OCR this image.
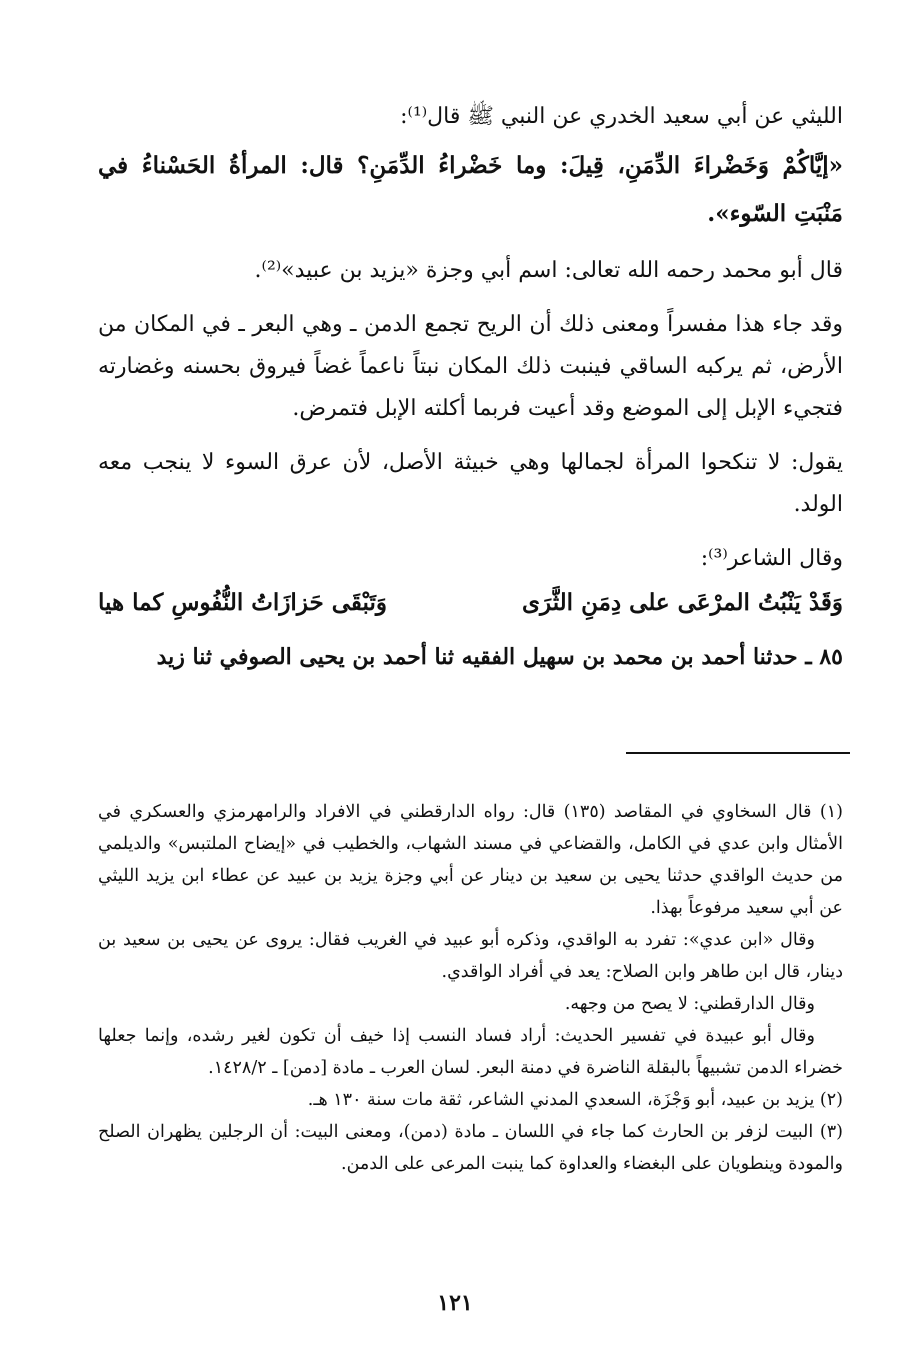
الليثي عن أبي سعيد الخدري عن النبي ﷺ قال⁽¹⁾:

«إيَّاكُمْ وَخَضْراءَ الدِّمَنِ، قِيلَ: وما خَضْراءُ الدِّمَنِ؟ قال: المرأةُ الحَسْناءُ في مَنْبَتِ السّوء».

قال أبو محمد رحمه الله تعالى: اسم أبي وجزة «يزيد بن عبيد»⁽²⁾.

وقد جاء هذا مفسراً ومعنى ذلك أن الريح تجمع الدمن ـ وهي البعر ـ في المكان من الأرض، ثم يركبه الساقي فينبت ذلك المكان نبتاً ناعماً غضاً فيروق بحسنه وغضارته فتجيء الإبل إلى الموضع وقد أعيت فربما أكلته الإبل فتمرض.

يقول: لا تنكحوا المرأة لجمالها وهي خبيثة الأصل، لأن عرق السوء لا ينجب معه الولد.

وقال الشاعر⁽³⁾:

وَقَدْ يَنْبُتُ المرْعَى على دِمَنِ الثَّرَى
وَتَبْقَى حَزازَاتُ النُّفُوسِ كما هيا

٨٥ ـ حدثنا أحمد بن محمد بن سهيل الفقيه ثنا أحمد بن يحيى الصوفي ثنا زيد

(١) قال السخاوي في المقاصد (١٣٥) قال: رواه الدارقطني في الافراد والرامهرمزي والعسكري في الأمثال وابن عدي في الكامل، والقضاعي في مسند الشهاب، والخطيب في «إيضاح الملتبس» والديلمي من حديث الواقدي حدثنا يحيى بن سعيد بن دينار عن أبي وجزة يزيد بن عبيد عن عطاء ابن يزيد الليثي عن أبي سعيد مرفوعاً بهذا.

وقال «ابن عدي»: تفرد به الواقدي، وذكره أبو عبيد في الغريب فقال: يروى عن يحيى بن سعيد بن دينار، قال ابن طاهر وابن الصلاح: يعد في أفراد الواقدي.

وقال الدارقطني: لا يصح من وجهه.

وقال أبو عبيدة في تفسير الحديث: أراد فساد النسب إذا خيف أن تكون لغير رشده، وإنما جعلها خضراء الدمن تشبيهاً بالبقلة الناضرة في دمنة البعر. لسان العرب ـ مادة [دمن] ـ ١٤٢٨/٢.

(٢) يزيد بن عبيد، أبو وَجْزَة، السعدي المدني الشاعر، ثقة مات سنة ١٣٠ هـ.

(٣) البيت لزفر بن الحارث كما جاء في اللسان ـ مادة (دمن)، ومعنى البيت: أن الرجلين يظهران الصلح والمودة وينطويان على البغضاء والعداوة كما ينبت المرعى على الدمن.

١٢١
